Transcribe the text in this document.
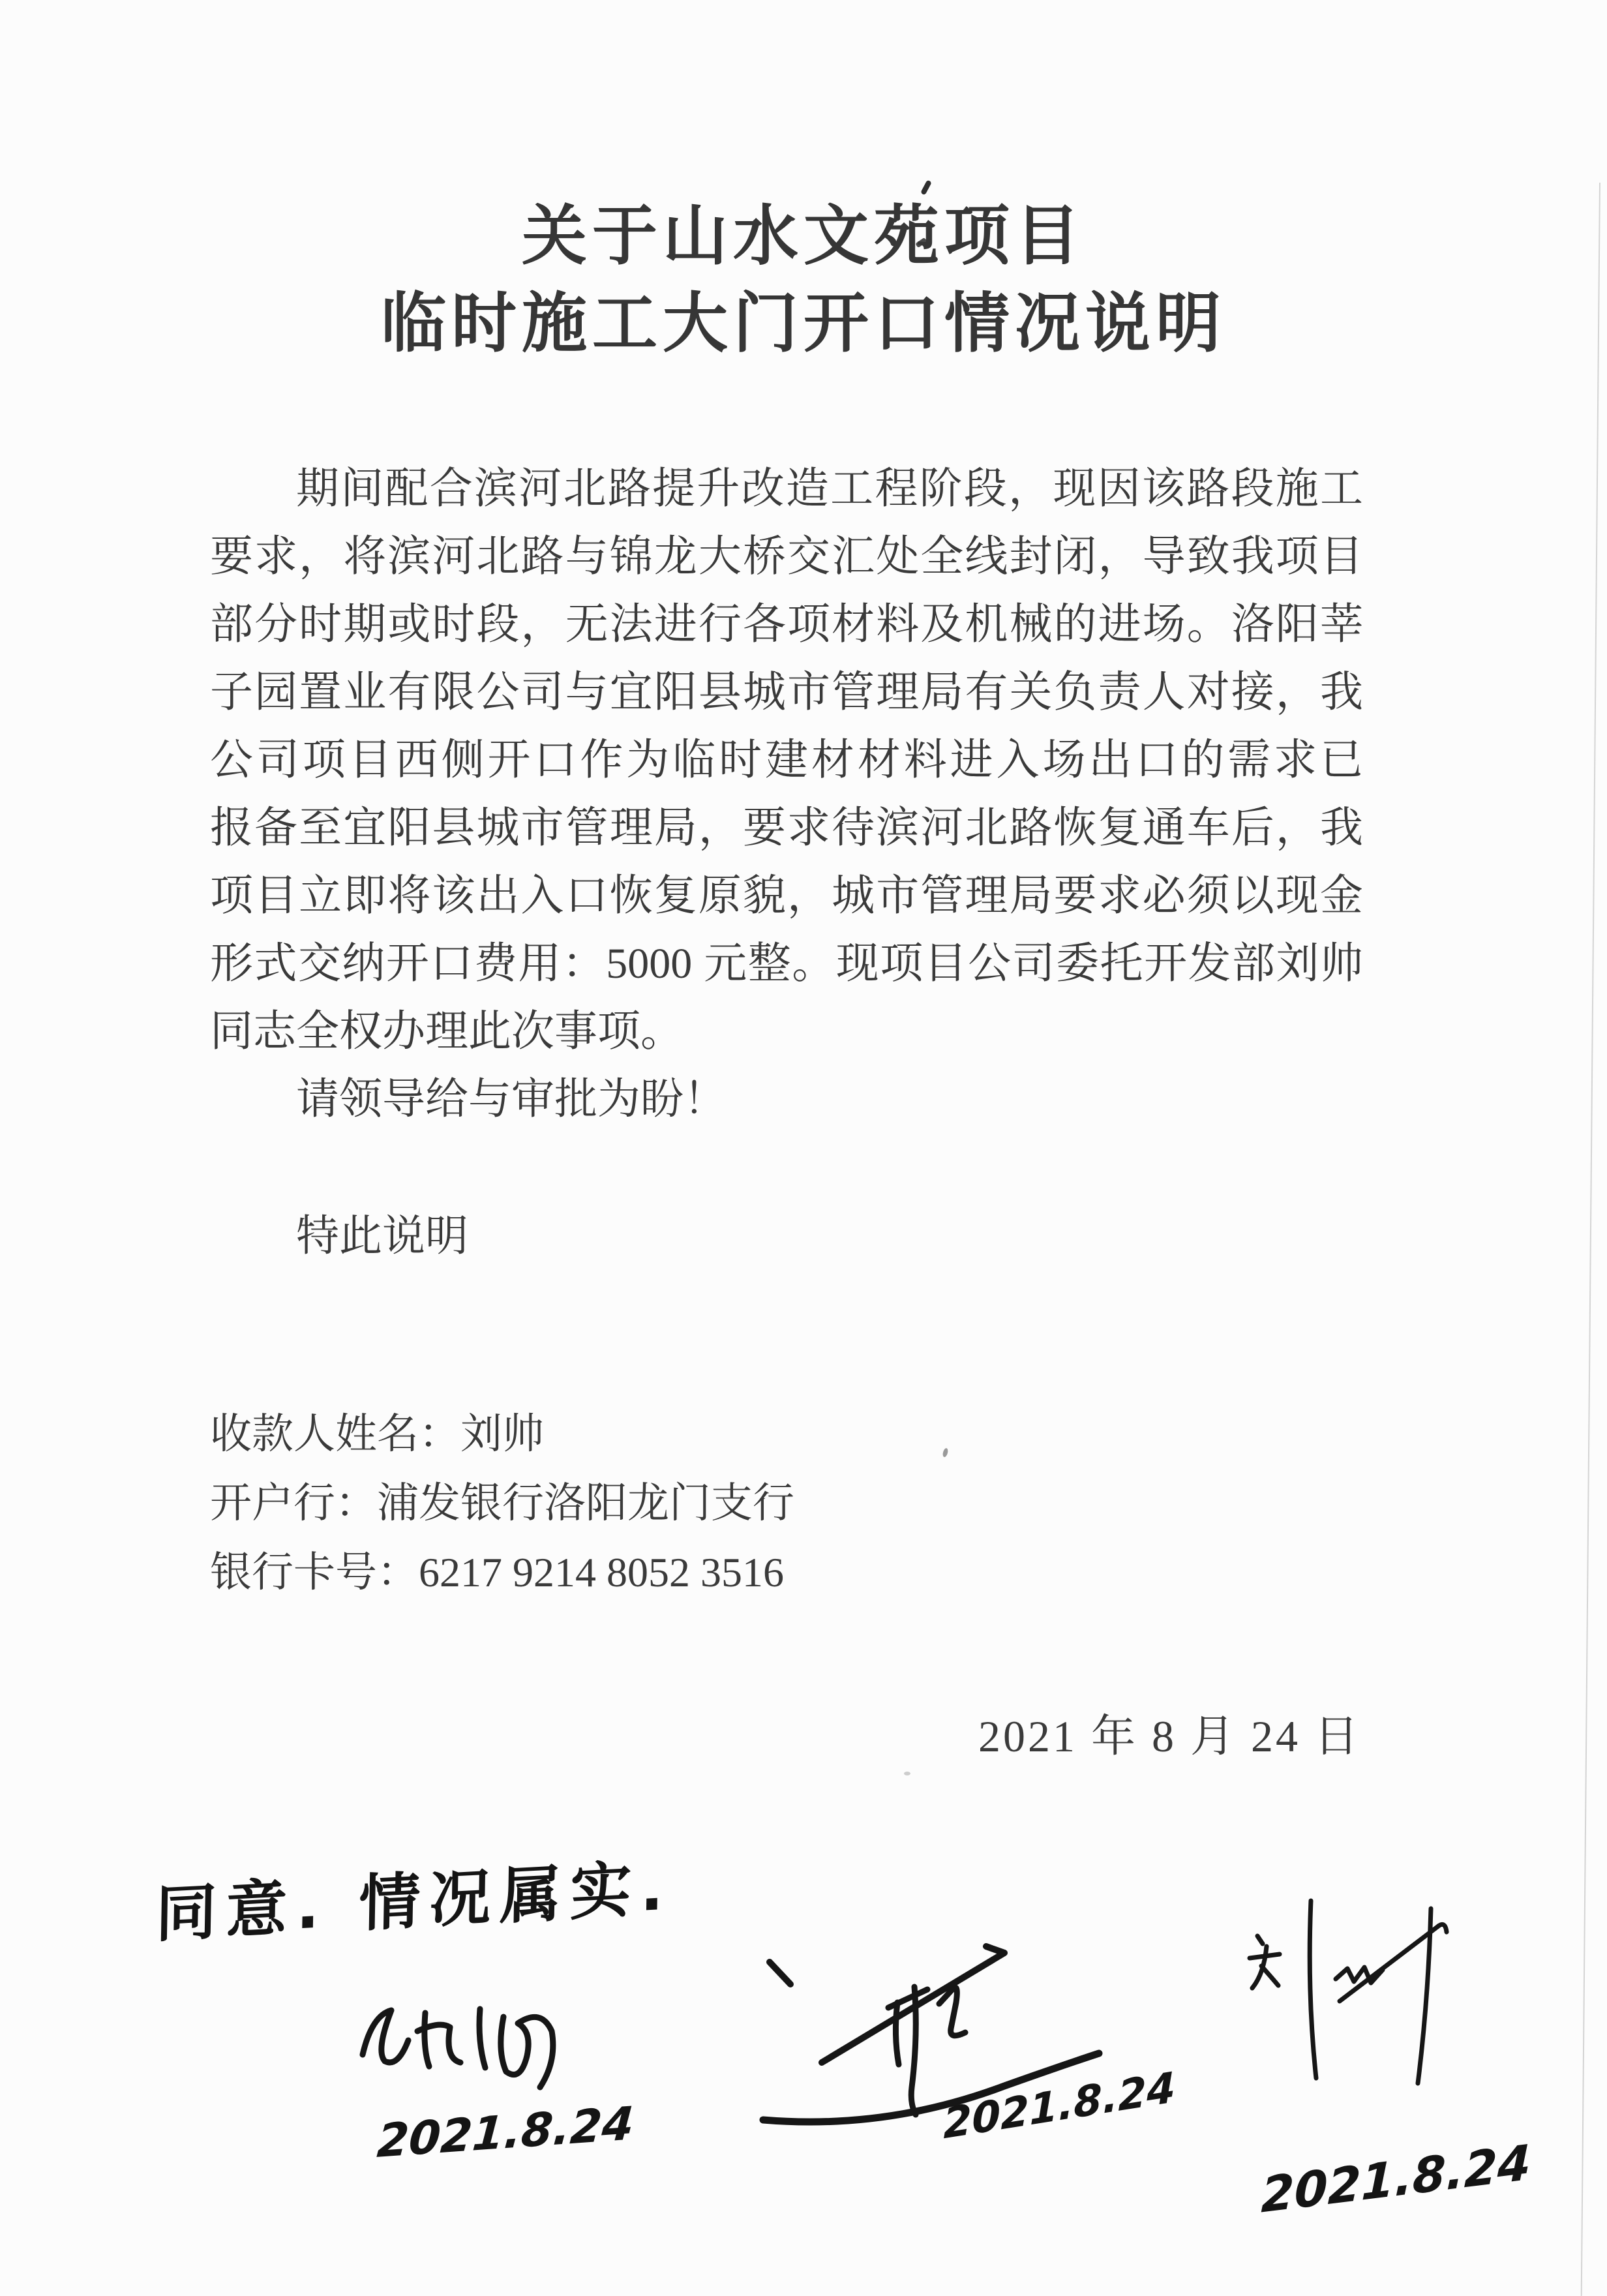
关于山水文苑项目
临时施工大门开口情况说明
期间配合滨河北路提升改造工程阶段，现因该路段施工
要求，将滨河北路与锦龙大桥交汇处全线封闭，导致我项目
部分时期或时段，无法进行各项材料及机械的进场。洛阳莘
子园置业有限公司与宜阳县城市管理局有关负责人对接，我
公司项目西侧开口作为临时建材材料进入场出口的需求已
报备至宜阳县城市管理局，要求待滨河北路恢复通车后，我
项目立即将该出入口恢复原貌，城市管理局要求必须以现金
形式交纳开口费用：5000 元整。现项目公司委托开发部刘帅
同志全权办理此次事项。
请领导给与审批为盼！
特此说明
收款人姓名：刘帅
开户行：浦发银行洛阳龙门支行
银行卡号：6217 9214 8052 3516
2021 年 8 月 24 日
同意. 情况属实.
2021.8.24	2021.8.24
2021.8.24
